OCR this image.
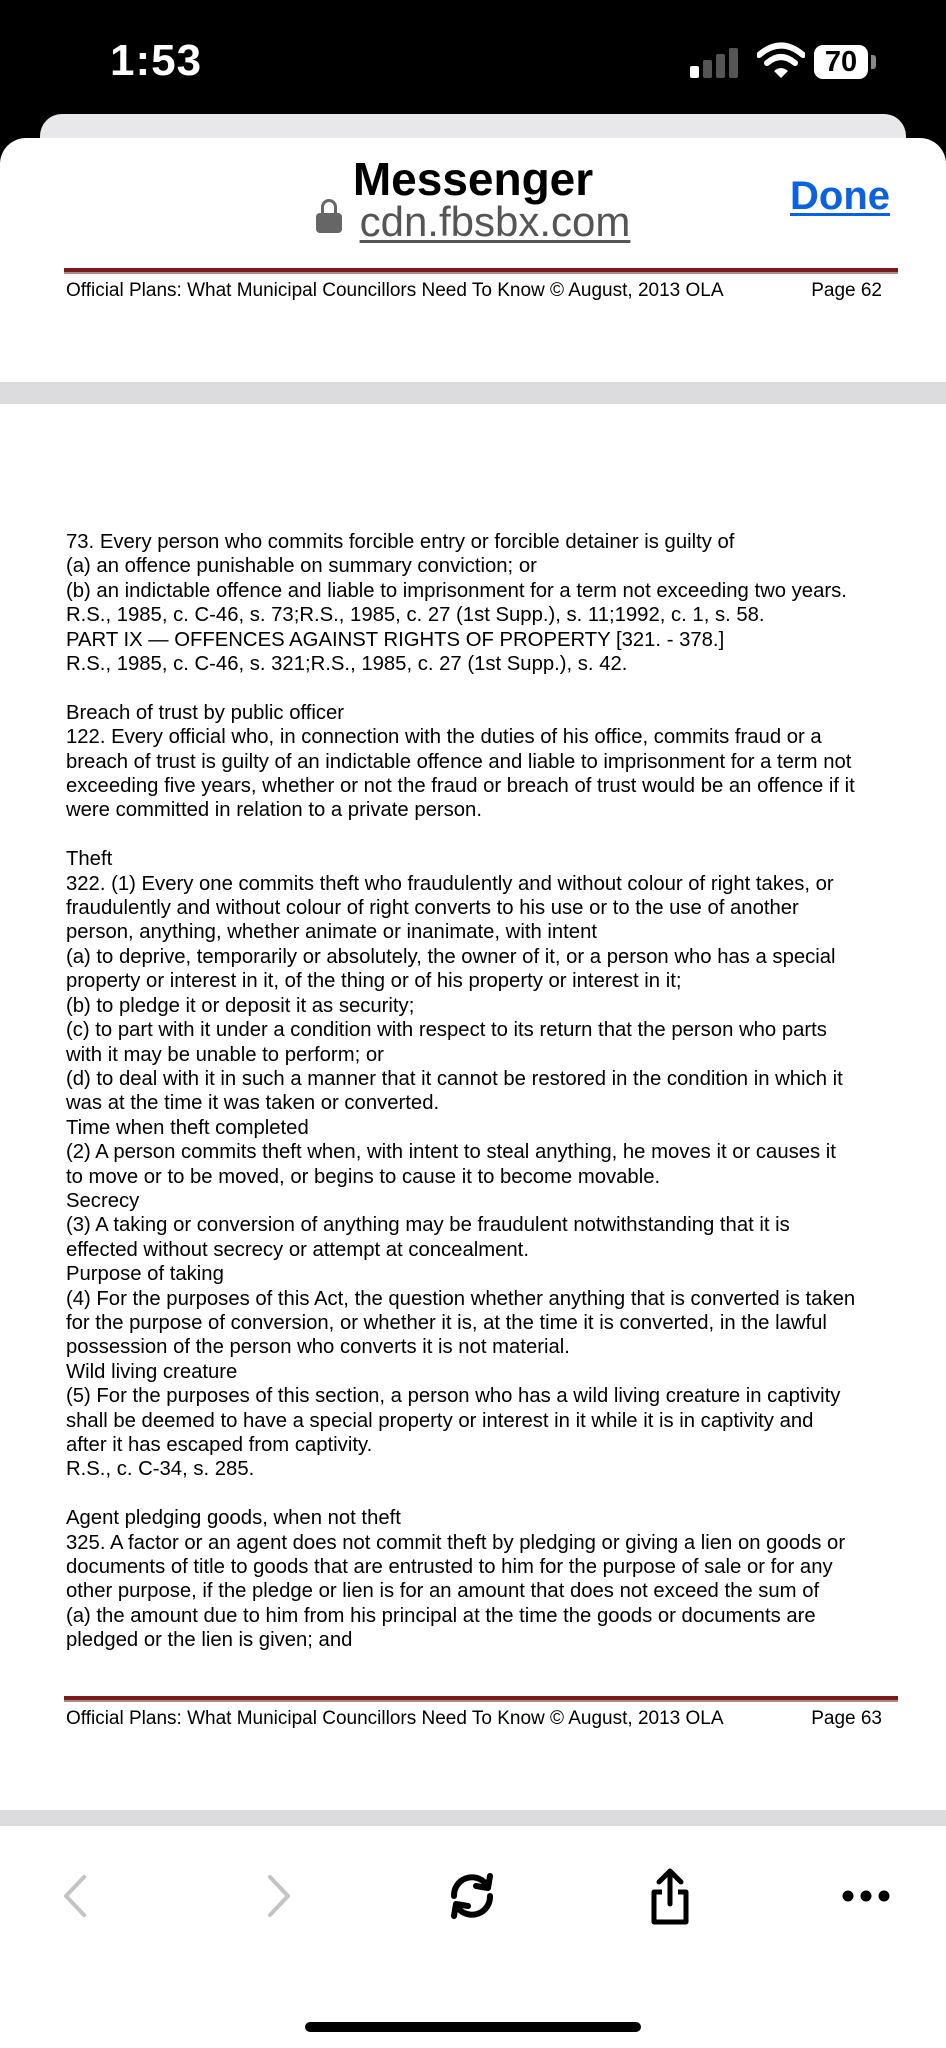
1:53	70
Messenger
cdn.fbsbx.com
Done
Official Plans: What Municipal Councillors Need To Know © August, 2013 OLA	Page 62

73. Every person who commits forcible entry or forcible detainer is guilty of

(a) an offence punishable on summary conviction; or

(b) an indictable offence and liable to imprisonment for a term not exceeding two years.

R.S., 1985, c. C-46, s. 73;R.S., 1985, c. 27 (1st Supp.), s. 11;1992, c. 1, s. 58.

PART IX — OFFENCES AGAINST RIGHTS OF PROPERTY [321. - 378.]

R.S., 1985, c. C-46, s. 321;R.S., 1985, c. 27 (1st Supp.), s. 42.

Breach of trust by public officer

122. Every official who, in connection with the duties of his office, commits fraud or a

breach of trust is guilty of an indictable offence and liable to imprisonment for a term not

exceeding five years, whether or not the fraud or breach of trust would be an offence if it

were committed in relation to a private person.

Theft

322. (1) Every one commits theft who fraudulently and without colour of right takes, or

fraudulently and without colour of right converts to his use or to the use of another

person, anything, whether animate or inanimate, with intent

(a) to deprive, temporarily or absolutely, the owner of it, or a person who has a special

property or interest in it, of the thing or of his property or interest in it;

(b) to pledge it or deposit it as security;

(c) to part with it under a condition with respect to its return that the person who parts

with it may be unable to perform; or

(d) to deal with it in such a manner that it cannot be restored in the condition in which it

was at the time it was taken or converted.

Time when theft completed

(2) A person commits theft when, with intent to steal anything, he moves it or causes it

to move or to be moved, or begins to cause it to become movable.

Secrecy

(3) A taking or conversion of anything may be fraudulent notwithstanding that it is

effected without secrecy or attempt at concealment.

Purpose of taking

(4) For the purposes of this Act, the question whether anything that is converted is taken

for the purpose of conversion, or whether it is, at the time it is converted, in the lawful

possession of the person who converts it is not material.

Wild living creature

(5) For the purposes of this section, a person who has a wild living creature in captivity

shall be deemed to have a special property or interest in it while it is in captivity and

after it has escaped from captivity.

R.S., c. C-34, s. 285.

Agent pledging goods, when not theft

325. A factor or an agent does not commit theft by pledging or giving a lien on goods or

documents of title to goods that are entrusted to him for the purpose of sale or for any

other purpose, if the pledge or lien is for an amount that does not exceed the sum of

(a) the amount due to him from his principal at the time the goods or documents are

pledged or the lien is given; and

Official Plans: What Municipal Councillors Need To Know © August, 2013 OLA	Page 63
